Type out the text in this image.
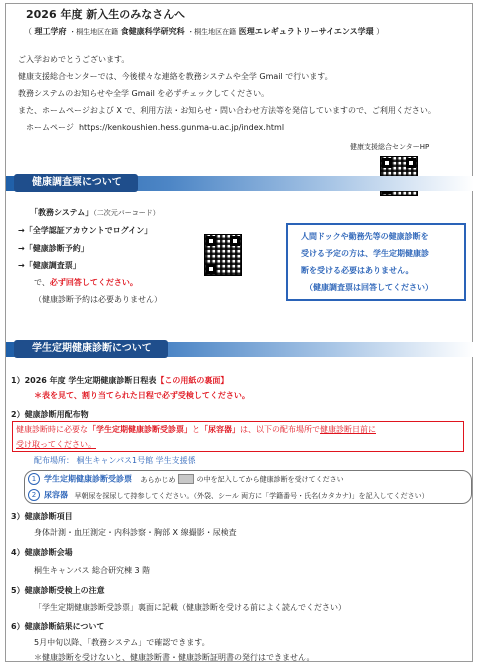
2026 年度 新入生のみなさんへ
（ 理工学府 ・桐生地区在籍 食健康科学研究科 ・桐生地区在籍 医理エレギュラトリーサイエンス学環 ）
ご入学おめでとうございます。
健康支援総合センターでは、今後様々な連絡を教務システムや全学 Gmail で行います。
教務システムのお知らせや全学 Gmail を必ずチェックしてください。
また、ホームページおよび X で、利用方法・お知らせ・問い合わせ方法等を発信していますので、ご利用ください。
ホームページ https://kenkoushien.hess.gunma-u.ac.jp/index.html
健康支援総合センターHP
健康調査票について
「教務システム」（二次元バーコード）
→「全学認証アカウントでログイン」
→「健康診断予約」
→「健康調査票」
で、必ず回答してください。
（健康診断予約は必要ありません）
人間ドックや勤務先等の健康診断を
受ける予定の方は、学生定期健康診
断を受ける必要はありません。
（健康調査票は回答してください）
学生定期健康診断について
1）2026 年度 学生定期健康診断日程表【この用紙の裏面】
＊表を見て、割り当てられた日程で必ず受検してください。
2）健康診断用配布物
健康診断時に必要な「学生定期健康診断受診票」と「尿容器」は、以下の配布場所で健康診断日前に
受け取ってください。
配布場所： 桐生キャンパス1号館 学生支援係
1 学生定期健康診断受診票 あらかじめ	の中を記入してから健康診断を受けてください
2 尿容器 早朝尿を採尿して持参してください。（外袋、シール 両方に「学籍番号・氏名(カタカナ)」を記入してください）
3）健康診断項目
身体計測・血圧測定・内科診察・胸部 X 線撮影・尿検査
4）健康診断会場
桐生キャンパス 総合研究棟 3 階
5）健康診断受検上の注意
「学生定期健康診断受診票」裏面に記載（健康診断を受ける前によく読んでください）
6）健康診断結果について
5月中旬以降、「教務システム」で確認できます。
＊健康診断を受けないと、健康診断書・健康診断証明書の発行はできません。
